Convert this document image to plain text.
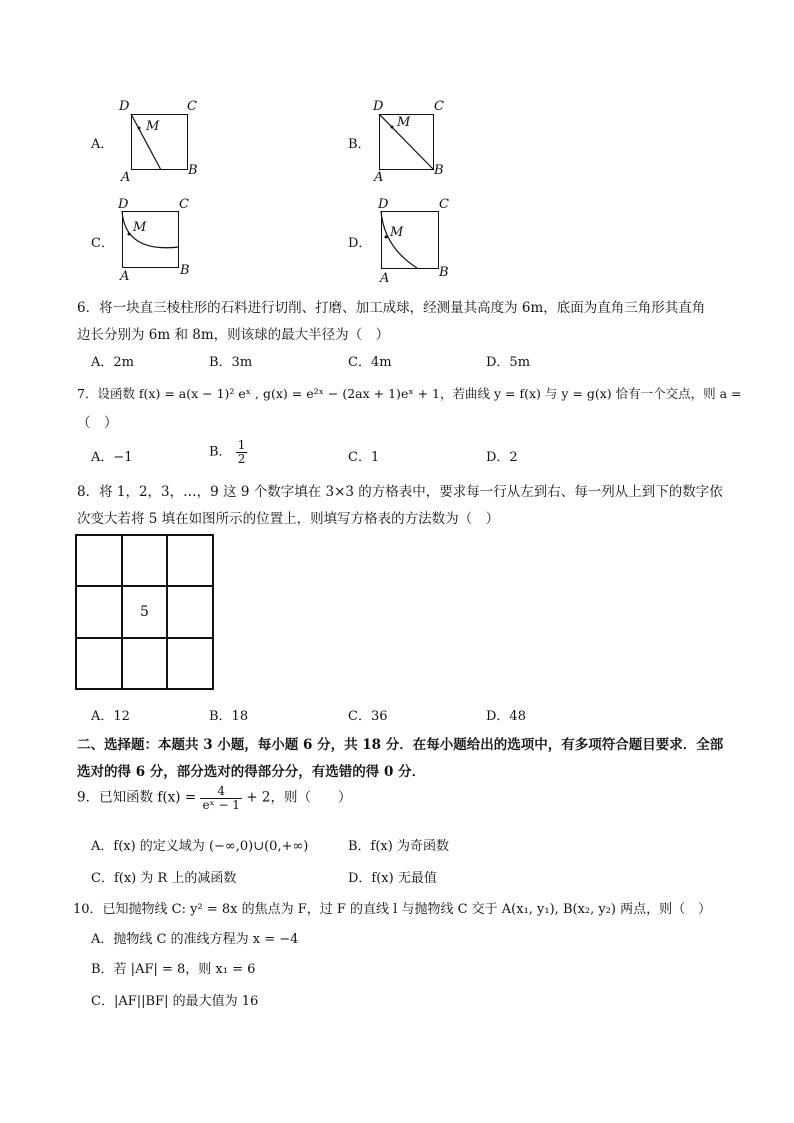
A．
D	C
A	B
M
B．
D	C
A	B
M
C．
D	C
A	B
M
D．
D	C
A	B
M
6．将一块直三棱柱形的石料进行切削、打磨、加工成球，经测量其高度为 6m，底面为直角三角形其直角
边长分别为 6m 和 8m，则该球的最大半径为（　）
A．2m	B．3m	C．4m	D．5m
7．设函数 f(x) = a(x − 1)² eˣ , g(x) = e²ˣ − (2ax + 1)eˣ + 1，若曲线 y = f(x) 与 y = g(x) 恰有一个交点，则 a =
（　）
A．−1	B． $\frac{1}{2}$	C．1	D．2
8．将 1，2，3，…，9 这 9 个数字填在 3×3 的方格表中，要求每一行从左到右、每一列从上到下的数字依
次变大若将 5 填在如图所示的位置上，则填写方格表的方法数为（　）
5
A．12	B．18	C．36	D．48
二、选择题：本题共 3 小题，每小题 6 分，共 18 分．在每小题给出的选项中，有多项符合题目要求．全部
选对的得 6 分，部分选对的得部分分，有选错的得 0 分．
9．已知函数 $f(x) = \frac{4}{\text{eˣ − 1}} + 2$，则（　　）
A．f(x) 的定义域为 (−∞,0)∪(0,+∞)	B．f(x) 为奇函数
C．f(x) 为 R 上的减函数	D．f(x) 无最值
10．已知抛物线 C: y² = 8x 的焦点为 F，过 F 的直线 l 与抛物线 C 交于 A(x₁, y₁), B(x₂, y₂) 两点，则（　）
A．抛物线 C 的准线方程为 x = −4
B．若 |AF| = 8，则 x₁ = 6
C．|AF||BF| 的最大值为 16
